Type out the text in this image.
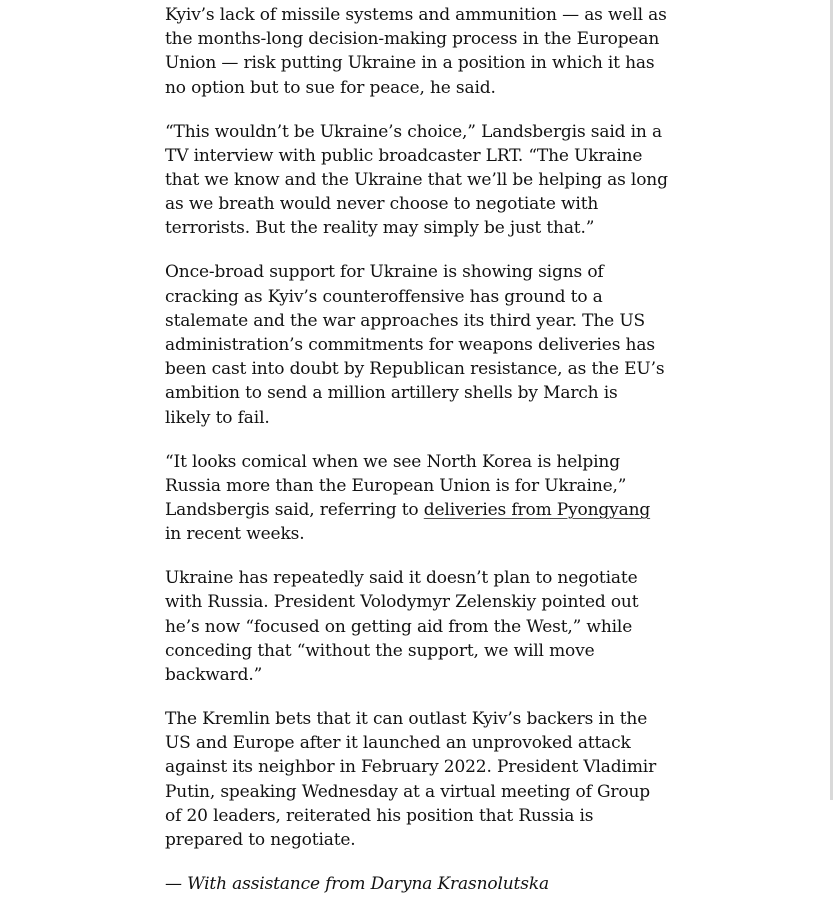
Kyiv’s lack of missile systems and ammunition — as well as the months-long decision-making process in the European Union — risk putting Ukraine in a position in which it has no option but to sue for peace, he said.

“This wouldn’t be Ukraine’s choice,” Landsbergis said in a TV interview with public broadcaster LRT. “The Ukraine that we know and the Ukraine that we’ll be helping as long as we breath would never choose to negotiate with terrorists. But the reality may simply be just that.”

Once-broad support for Ukraine is showing signs of cracking as Kyiv’s counteroffensive has ground to a stalemate and the war approaches its third year. The US administration’s commitments for weapons deliveries has been cast into doubt by Republican resistance, as the EU’s ambition to send a million artillery shells by March is likely to fail.

“It looks comical when we see North Korea is helping Russia more than the European Union is for Ukraine,” Landsbergis said, referring to deliveries from Pyongyang in recent weeks.

Ukraine has repeatedly said it doesn’t plan to negotiate with Russia. President Volodymyr Zelenskiy pointed out he’s now “focused on getting aid from the West,” while conceding that “without the support, we will move backward.”

The Kremlin bets that it can outlast Kyiv’s backers in the US and Europe after it launched an unprovoked attack against its neighbor in February 2022. President Vladimir Putin, speaking Wednesday at a virtual meeting of Group of 20 leaders, reiterated his position that Russia is prepared to negotiate.

— With assistance from Daryna Krasnolutska
